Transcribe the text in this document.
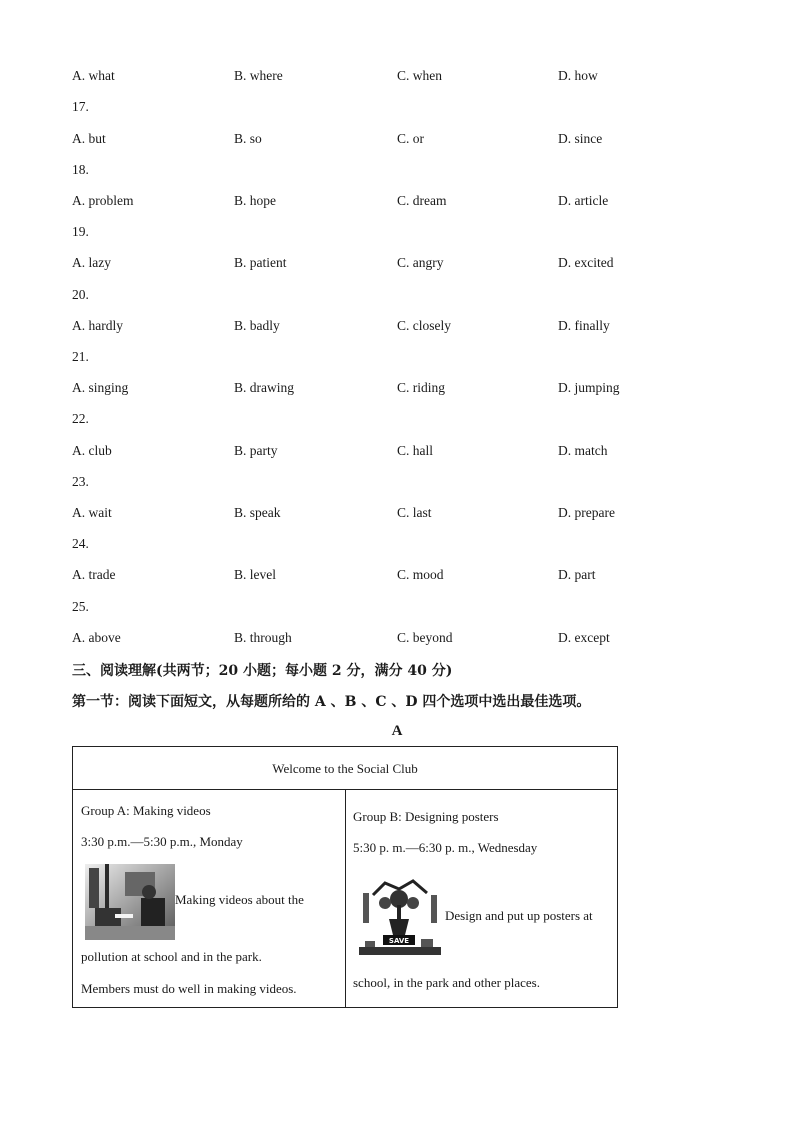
A. what	B. where	C. when	D. how
17.
A. but	B. so	C. or	D. since
18.
A. problem	B. hope	C. dream	D. article
19.
A. lazy	B. patient	C. angry	D. excited
20.
A. hardly	B. badly	C. closely	D. finally
21.
A. singing	B. drawing	C. riding	D. jumping
22.
A. club	B. party	C. hall	D. match
23.
A. wait	B. speak	C. last	D. prepare
24.
A. trade	B. level	C. mood	D. part
25.
A. above	B. through	C. beyond	D. except
三、阅读理解(共两节；20 小题；每小题 2 分，满分 40 分)
第一节：阅读下面短文，从每题所给的 A 、B 、C 、D 四个选项中选出最佳选项。
A
Welcome to the Social Club
Group A: Making videos
3:30 p.m.—5:30 p.m., Monday
Making videos about the
pollution at school and in the park.
Members must do well in making videos.
Group B: Designing posters
5:30 p. m.—6:30 p. m., Wednesday
SAVE
Design and put up posters at
school, in the park and other places.
